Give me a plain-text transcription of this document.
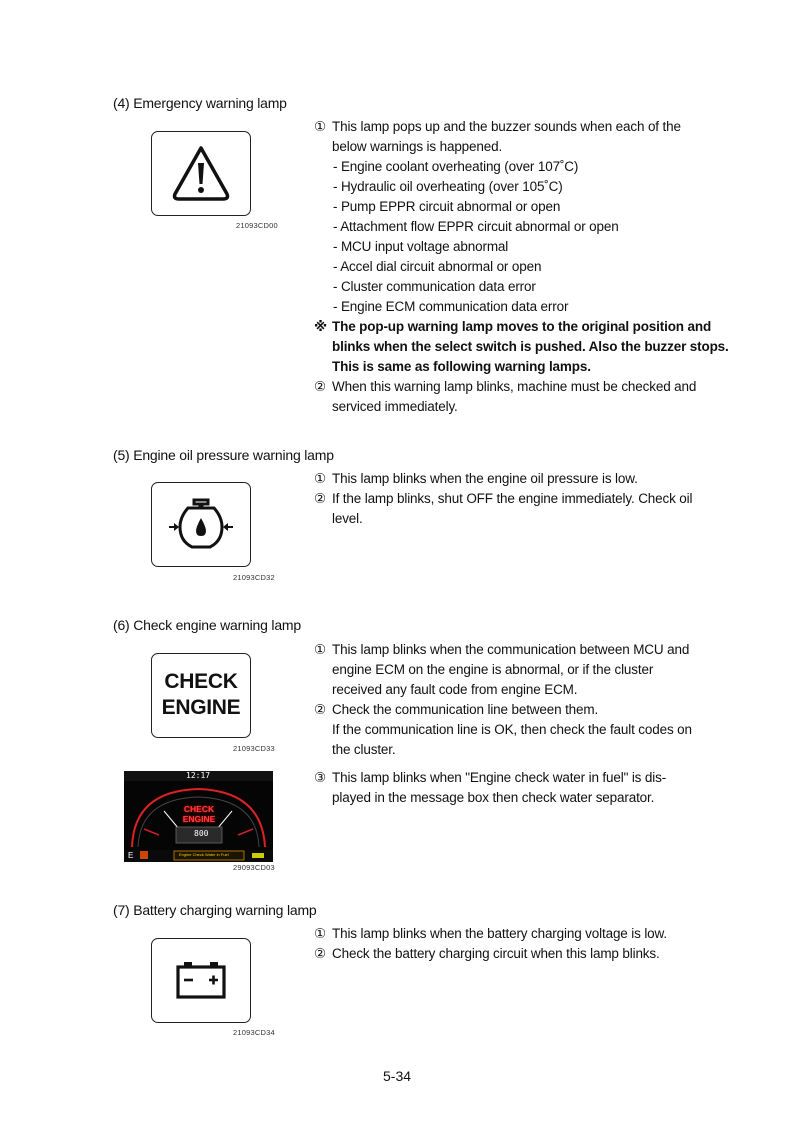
(4) Emergency warning lamp
21093CD00
① This lamp pops up and the buzzer sounds when each of the
below warnings is happened.
- Engine coolant overheating (over 107˚C)
- Hydraulic oil overheating (over 105˚C)
- Pump EPPR circuit abnormal or open
- Attachment flow EPPR circuit abnormal or open
- MCU input voltage abnormal
- Accel dial circuit abnormal or open
- Cluster communication data error
- Engine ECM communication data error
※ The pop-up warning lamp moves to the original position and
blinks when the select switch is pushed. Also the buzzer stops.
This is same as following warning lamps.
② When this warning lamp blinks, machine must be checked and
serviced immediately.
(5) Engine oil pressure warning lamp
21093CD32
① This lamp blinks when the engine oil pressure is low.
② If the lamp blinks, shut OFF the engine immediately. Check oil
level.
(6) Check engine warning lamp
CHECK
ENGINE
21093CD33
12:17
CHECK
ENGINE
800
E	Engine Check Water in Fuel
29093CD03
① This lamp blinks when the communication between MCU and
engine ECM on the engine is abnormal, or if the cluster
received any fault code from engine ECM.
② Check the communication line between them.
If the communication line is OK, then check the fault codes on
the cluster.
③ This lamp blinks when "Engine check water in fuel" is dis-
played in the message box then check water separator.
(7) Battery charging warning lamp
21093CD34
① This lamp blinks when the battery charging voltage is low.
② Check the battery charging circuit when this lamp blinks.
5-34
